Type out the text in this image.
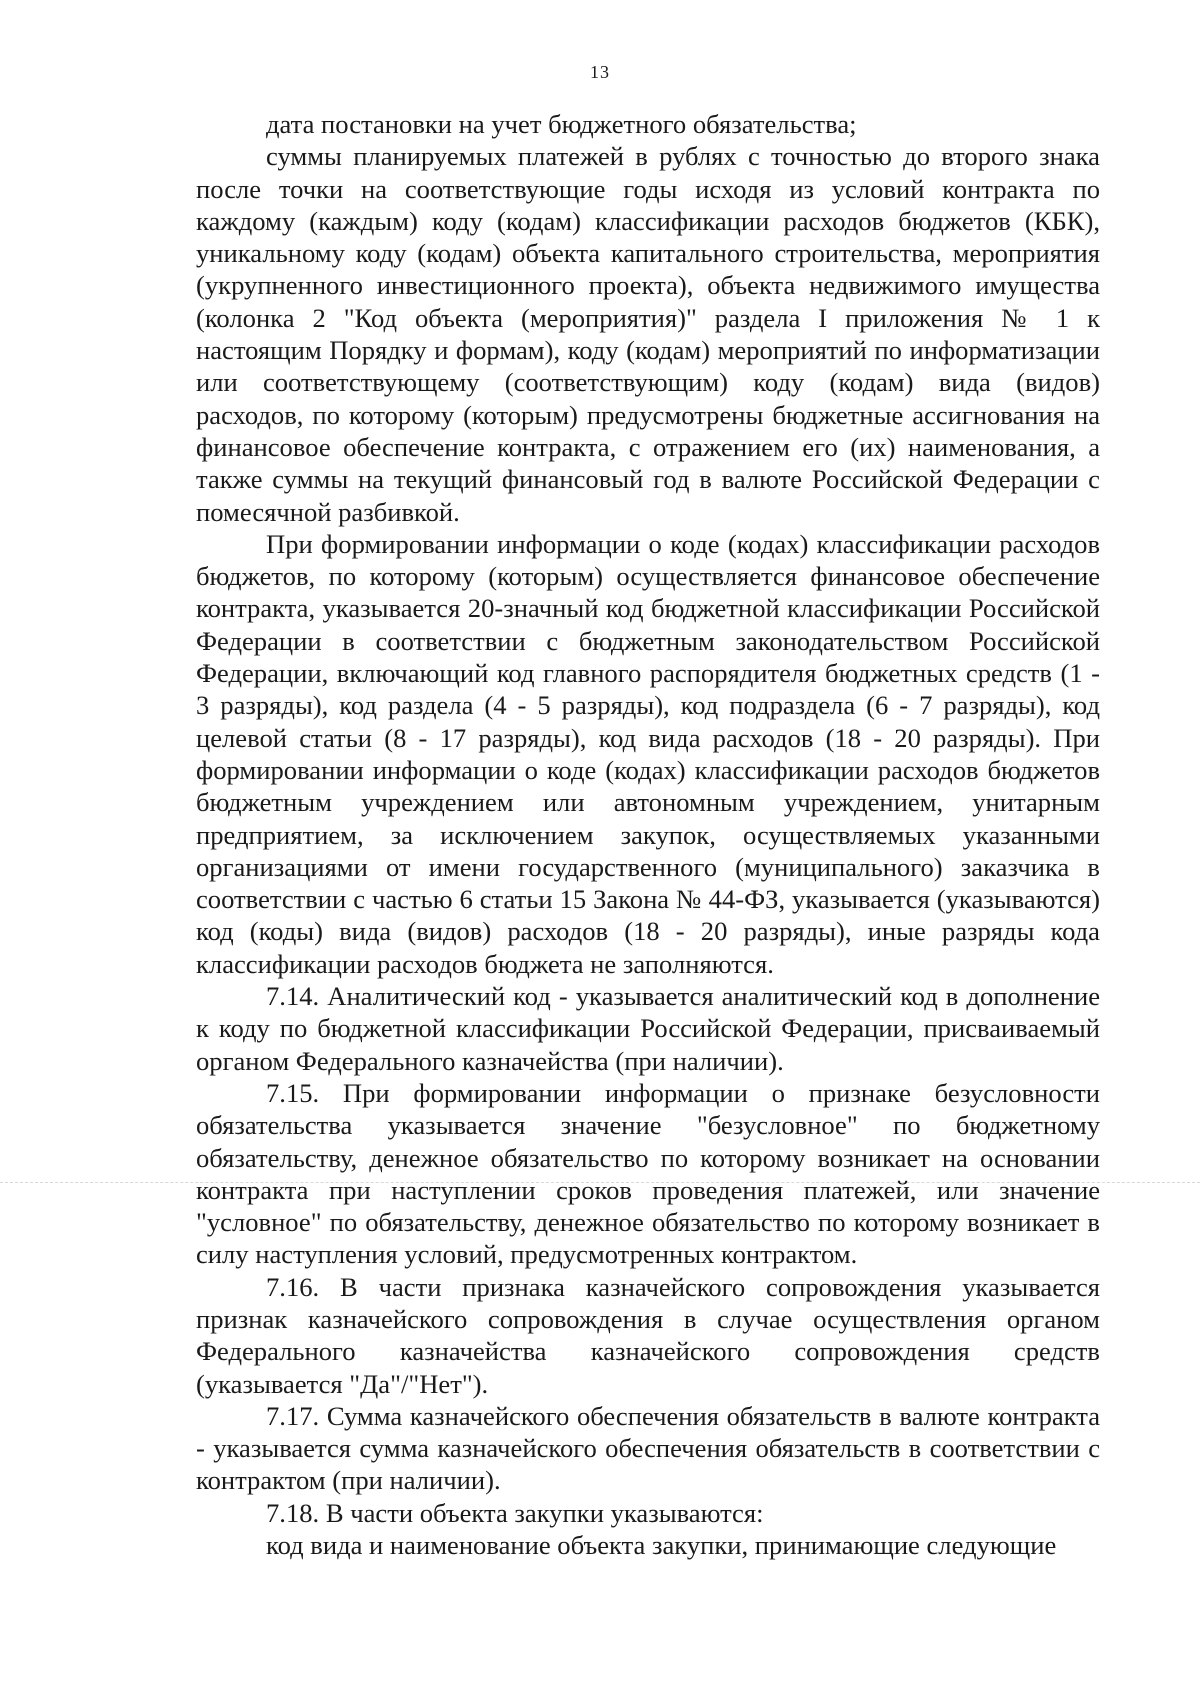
13

дата постановки на учет бюджетного обязательства;

суммы планируемых платежей в рублях с точностью до второго знака после точки на соответствующие годы исходя из условий контракта по каждому (каждым) коду (кодам) классификации расходов бюджетов (КБК), уникальному коду (кодам) объекта капитального строительства, мероприятия (укрупненного инвестиционного проекта), объекта недвижимого имущества (колонка 2 "Код объекта (мероприятия)" раздела I приложения № 1 к настоящим Порядку и формам), коду (кодам) мероприятий по информатизации или соответствующему (соответствующим) коду (кодам) вида (видов) расходов, по которому (которым) предусмотрены бюджетные ассигнования на финансовое обеспечение контракта, с отражением его (их) наименования, а также суммы на текущий финансовый год в валюте Российской Федерации с помесячной разбивкой.

При формировании информации о коде (кодах) классификации расходов бюджетов, по которому (которым) осуществляется финансовое обеспечение контракта, указывается 20-значный код бюджетной классификации Российской Федерации в соответствии с бюджетным законодательством Российской Федерации, включающий код главного распорядителя бюджетных средств (1 - 3 разряды), код раздела (4 - 5 разряды), код подраздела (6 - 7 разряды), код целевой статьи (8 - 17 разряды), код вида расходов (18 - 20 разряды). При формировании информации о коде (кодах) классификации расходов бюджетов бюджетным учреждением или автономным учреждением, унитарным предприятием, за исключением закупок, осуществляемых указанными организациями от имени государственного (муниципального) заказчика в соответствии с частью 6 статьи 15 Закона № 44-ФЗ, указывается (указываются) код (коды) вида (видов) расходов (18 - 20 разряды), иные разряды кода классификации расходов бюджета не заполняются.

7.14. Аналитический код - указывается аналитический код в дополнение к коду по бюджетной классификации Российской Федерации, присваиваемый органом Федерального казначейства (при наличии).

7.15. При формировании информации о признаке безусловности обязательства указывается значение "безусловное" по бюджетному обязательству, денежное обязательство по которому возникает на основании контракта при наступлении сроков проведения платежей, или значение "условное" по обязательству, денежное обязательство по которому возникает в силу наступления условий, предусмотренных контрактом.

7.16. В части признака казначейского сопровождения указывается признак казначейского сопровождения в случае осуществления органом Федерального казначейства казначейского сопровождения средств (указывается "Да"/"Нет").

7.17. Сумма казначейского обеспечения обязательств в валюте контракта - указывается сумма казначейского обеспечения обязательств в соответствии с контрактом (при наличии).

7.18. В части объекта закупки указываются:

код вида и наименование объекта закупки, принимающие следующие
